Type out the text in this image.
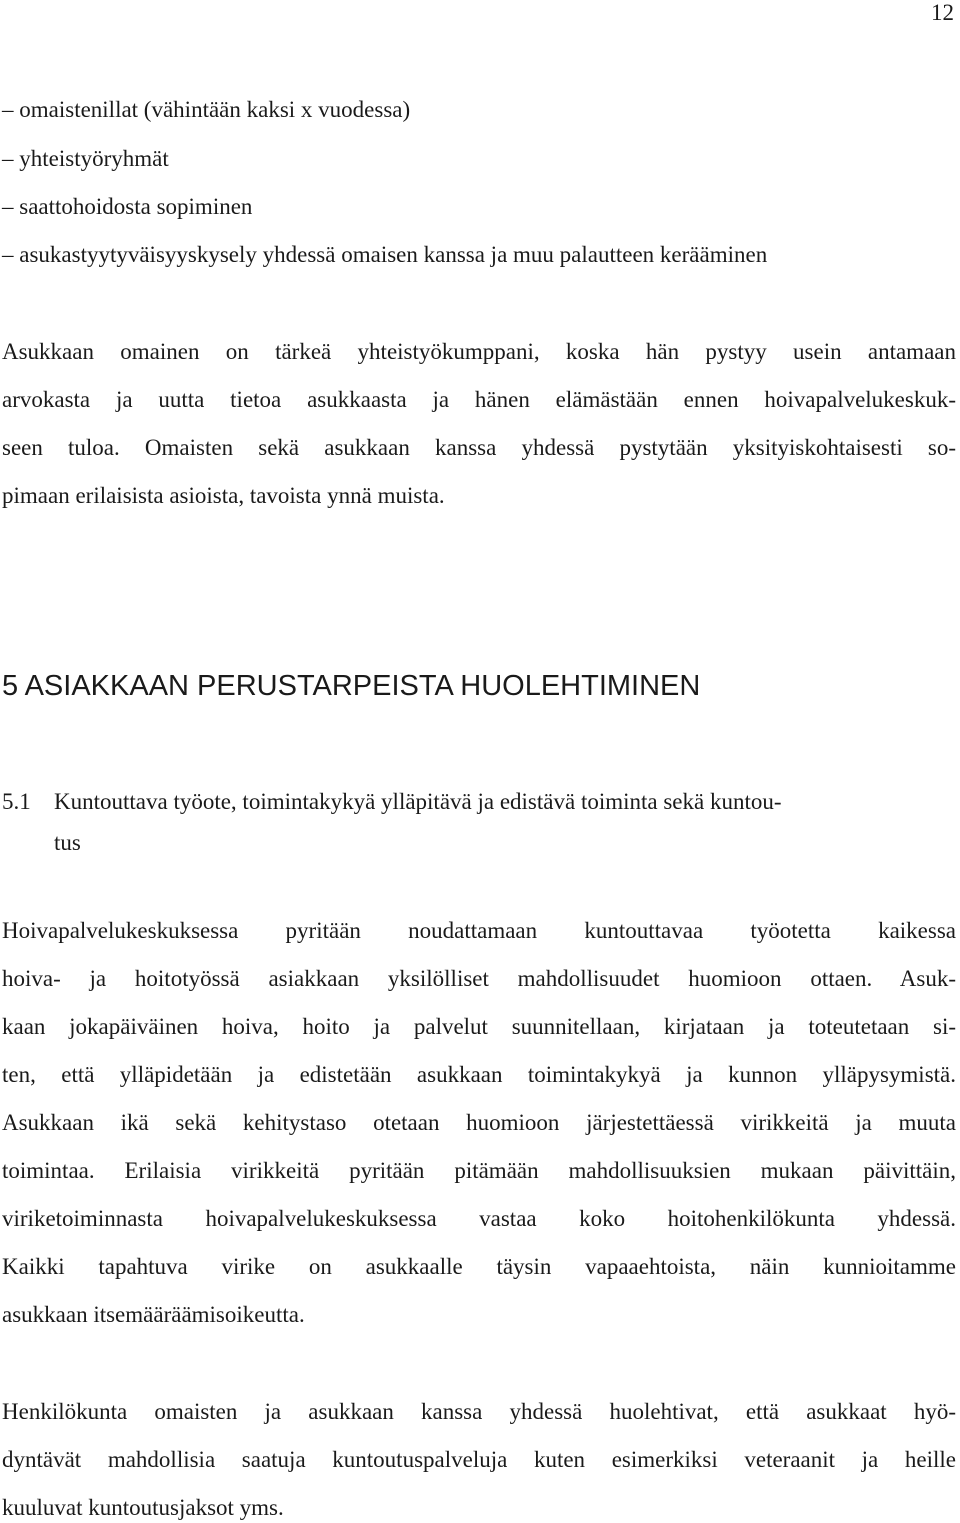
12
– omaistenillat (vähintään kaksi x vuodessa)
– yhteistyöryhmät
– saattohoidosta sopiminen
– asukastyytyväisyyskysely yhdessä omaisen kanssa ja muu palautteen kerääminen
Asukkaan omainen on tärkeä yhteistyökumppani, koska hän pystyy usein antamaan
arvokasta ja uutta tietoa asukkaasta ja hänen elämästään ennen hoivapalvelukeskuk-
seen tuloa. Omaisten sekä asukkaan kanssa yhdessä pystytään yksityiskohtaisesti so-
pimaan erilaisista asioista, tavoista ynnä muista.
5 ASIAKKAAN PERUSTARPEISTA HUOLEHTIMINEN
5.1 Kuntouttava työote, toimintakykyä ylläpitävä ja edistävä toiminta sekä kuntou-
tus
Hoivapalvelukeskuksessa pyritään noudattamaan kuntouttavaa työotetta kaikessa
hoiva- ja hoitotyössä asiakkaan yksilölliset mahdollisuudet huomioon ottaen. Asuk-
kaan jokapäiväinen hoiva, hoito ja palvelut suunnitellaan, kirjataan ja toteutetaan si-
ten, että ylläpidetään ja edistetään asukkaan toimintakykyä ja kunnon ylläpysymistä.
Asukkaan ikä sekä kehitystaso otetaan huomioon järjestettäessä virikkeitä ja muuta
toimintaa. Erilaisia virikkeitä pyritään pitämään mahdollisuuksien mukaan päivittäin,
viriketoiminnasta hoivapalvelukeskuksessa vastaa koko hoitohenkilökunta yhdessä.
Kaikki tapahtuva virike on asukkaalle täysin vapaaehtoista, näin kunnioitamme
asukkaan itsemääräämisoikeutta.
Henkilökunta omaisten ja asukkaan kanssa yhdessä huolehtivat, että asukkaat hyö-
dyntävät mahdollisia saatuja kuntoutuspalveluja kuten esimerkiksi veteraanit ja heille
kuuluvat kuntoutusjaksot yms.
